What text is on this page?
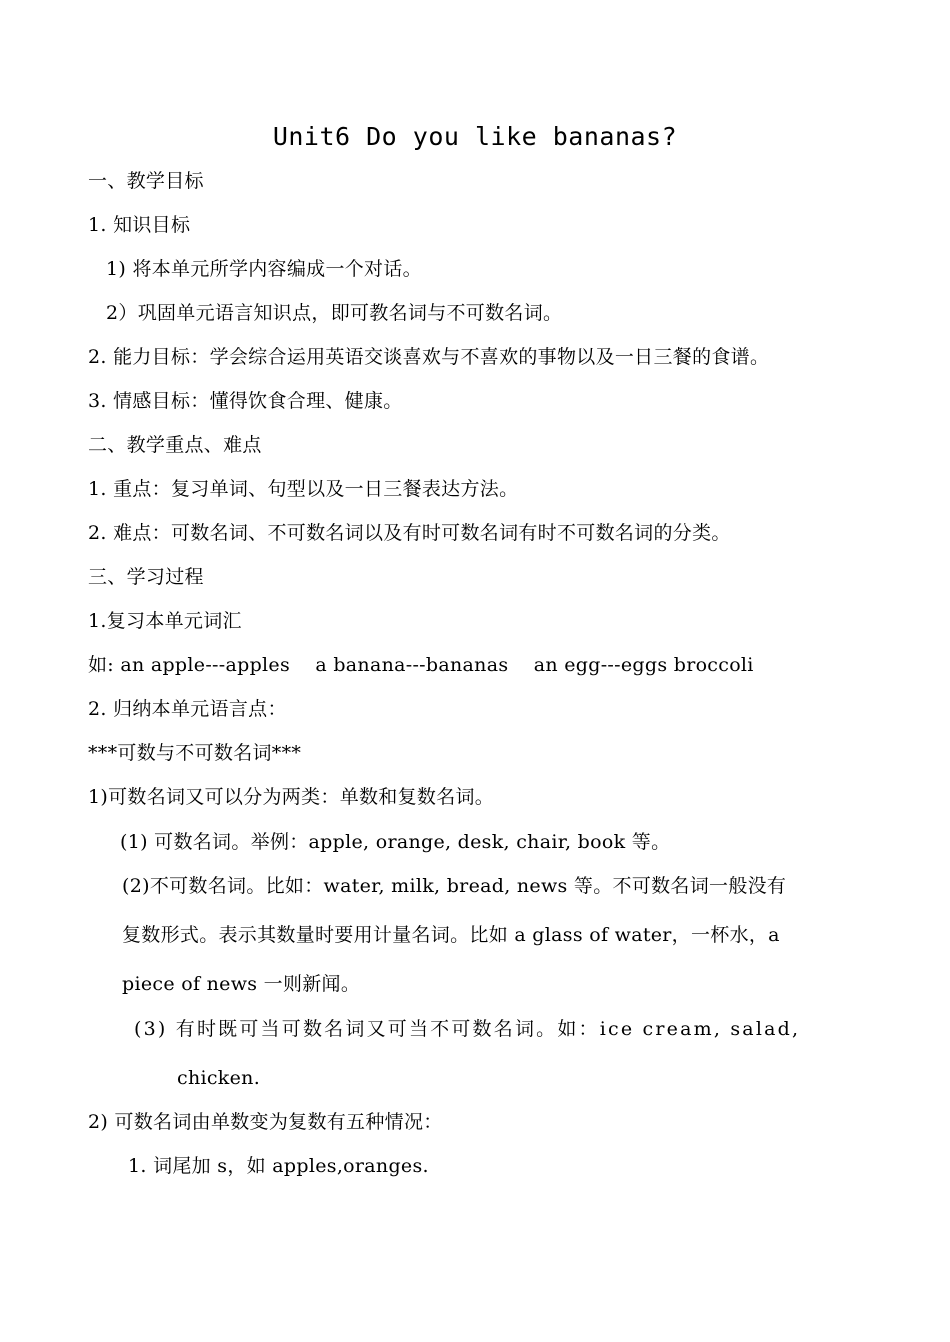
Unit6 Do you like bananas?
一、教学目标
1. 知识目标
1) 将本单元所学内容编成一个对话。
2）巩固单元语言知识点，即可教名词与不可数名词。
2. 能力目标：学会综合运用英语交谈喜欢与不喜欢的事物以及一日三餐的食谱。
3. 情感目标：懂得饮食合理、健康。
二、教学重点、难点
1. 重点：复习单词、句型以及一日三餐表达方法。
2. 难点：可数名词、不可数名词以及有时可数名词有时不可数名词的分类。
三、学习过程
1.复习本单元词汇
如: an apple---apples    a banana---bananas    an egg---eggs broccoli
2. 归纳本单元语言点：
***可数与不可数名词***
1)可数名词又可以分为两类：单数和复数名词。
(1) 可数名词。举例：apple, orange, desk, chair, book 等。
(2)不可数名词。比如：water, milk, bread, news 等。不可数名词一般没有
复数形式。表示其数量时要用计量名词。比如 a glass of water，一杯水，a
piece of news 一则新闻。
(3) 有时既可当可数名词又可当不可数名词。如：ice cream, salad,
chicken.
2) 可数名词由单数变为复数有五种情况：
1. 词尾加 s，如 apples,oranges.
